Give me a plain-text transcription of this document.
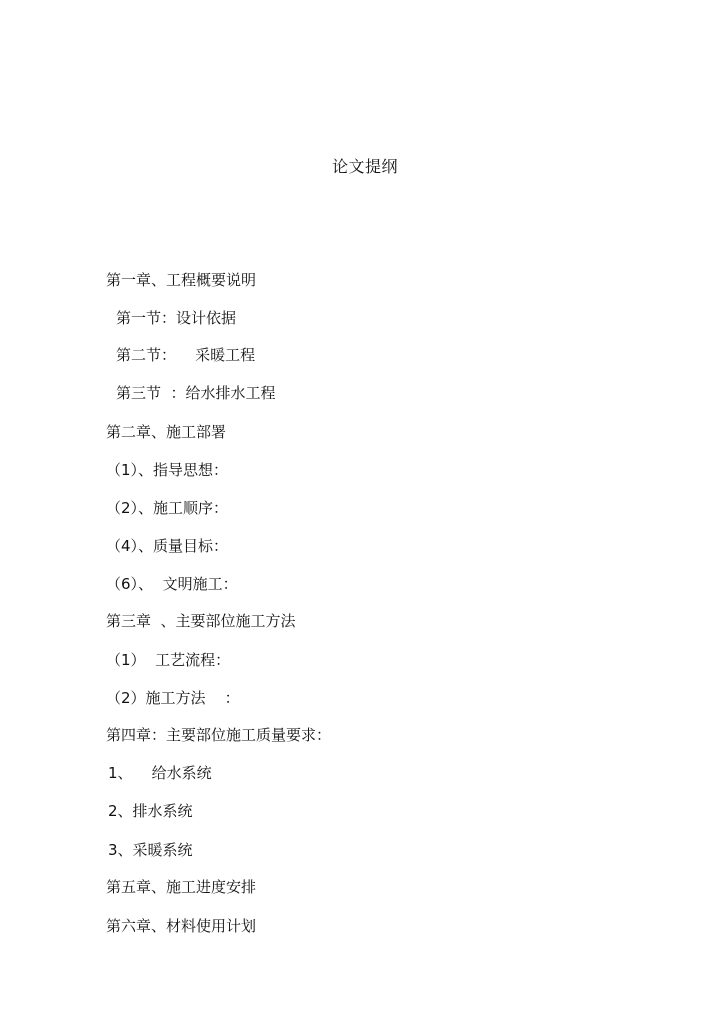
论文提纲
第一章、工程概要说明
第一节：设计依据
第二节：    采暖工程
第三节  ：给水排水工程
第二章、施工部署
（1）、指导思想：
（2）、施工顺序：
（4）、质量目标：
（6）、  文明施工：
第三章  、主要部位施工方法
（1）  工艺流程：
（2）施工方法    ：
第四章：主要部位施工质量要求：
1、    给水系统
2、排水系统
3、采暖系统
第五章、施工进度安排
第六章、材料使用计划
